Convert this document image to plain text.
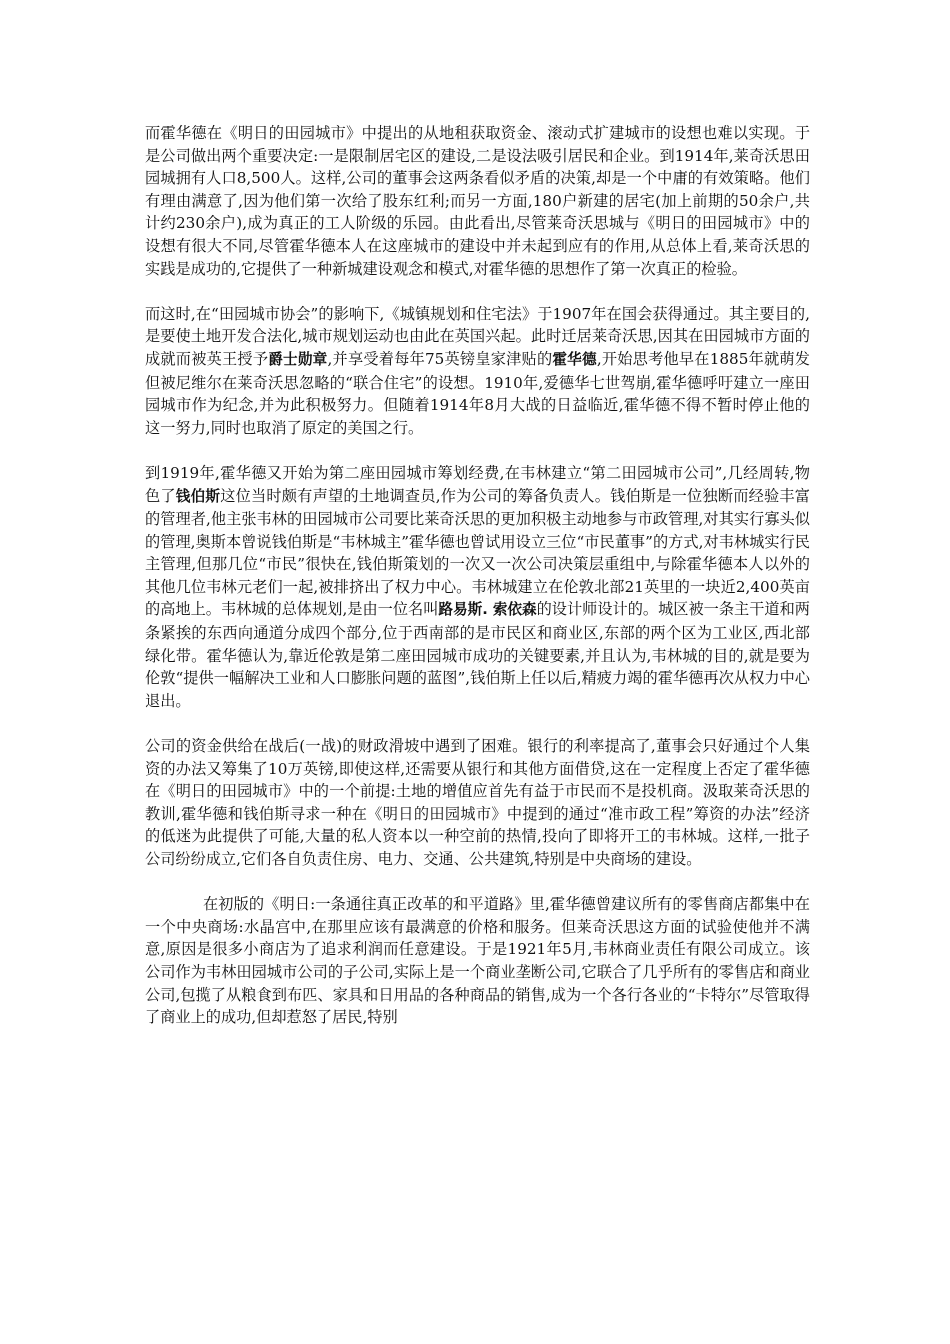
而霍华德在《明日的田园城市》中提出的从地租获取资金、滚动式扩建城市的设想也难以实现。于是公司做出两个重要决定:一是限制居宅区的建设,二是设法吸引居民和企业。到1914年,莱奇沃思田园城拥有人口8,500人。这样,公司的董事会这两条看似矛盾的决策,却是一个中庸的有效策略。他们有理由满意了,因为他们第一次给了股东红利;而另一方面,180户新建的居宅(加上前期的50余户,共计约230余户),成为真正的工人阶级的乐园。由此看出,尽管莱奇沃思城与《明日的田园城市》中的设想有很大不同,尽管霍华德本人在这座城市的建设中并未起到应有的作用,从总体上看,莱奇沃思的实践是成功的,它提供了一种新城建设观念和模式,对霍华德的思想作了第一次真正的检验。

而这时,在“田园城市协会”的影响下,《城镇规划和住宅法》于1907年在国会获得通过。其主要目的,是要使土地开发合法化,城市规划运动也由此在英国兴起。此时迁居莱奇沃思,因其在田园城市方面的成就而被英王授予爵士勋章,并享受着每年75英镑皇家津贴的霍华德,开始思考他早在1885年就萌发但被尼维尔在莱奇沃思忽略的“联合住宅”的设想。1910年,爱德华七世驾崩,霍华德呼吁建立一座田园城市作为纪念,并为此积极努力。但随着1914年8月大战的日益临近,霍华德不得不暂时停止他的这一努力,同时也取消了原定的美国之行。

到1919年,霍华德又开始为第二座田园城市筹划经费,在韦林建立“第二田园城市公司”,几经周转,物色了钱伯斯这位当时颇有声望的土地调查员,作为公司的筹备负责人。钱伯斯是一位独断而经验丰富的管理者,他主张韦林的田园城市公司要比莱奇沃思的更加积极主动地参与市政管理,对其实行寡头似的管理,奥斯本曾说钱伯斯是“韦林城主”霍华德也曾试用设立三位“市民董事”的方式,对韦林城实行民主管理,但那几位“市民”很快在,钱伯斯策划的一次又一次公司决策层重组中,与除霍华德本人以外的其他几位韦林元老们一起,被排挤出了权力中心。韦林城建立在伦敦北部21英里的一块近2,400英亩的高地上。韦林城的总体规划,是由一位名叫路易斯. 索依森的设计师设计的。城区被一条主干道和两条紧挨的东西向通道分成四个部分,位于西南部的是市民区和商业区,东部的两个区为工业区,西北部绿化带。霍华德认为,靠近伦敦是第二座田园城市成功的关键要素,并且认为,韦林城的目的,就是要为伦敦“提供一幅解决工业和人口膨胀问题的蓝图”,钱伯斯上任以后,精疲力竭的霍华德再次从权力中心退出。

公司的资金供给在战后(一战)的财政滑坡中遇到了困难。银行的利率提高了,董事会只好通过个人集资的办法又筹集了10万英镑,即使这样,还需要从银行和其他方面借贷,这在一定程度上否定了霍华德在《明日的田园城市》中的一个前提:土地的增值应首先有益于市民而不是投机商。汲取莱奇沃思的教训,霍华德和钱伯斯寻求一种在《明日的田园城市》中提到的通过“准市政工程”筹资的办法”经济的低迷为此提供了可能,大量的私人资本以一种空前的热情,投向了即将开工的韦林城。这样,一批子公司纷纷成立,它们各自负责住房、电力、交通、公共建筑,特别是中央商场的建设。

在初版的《明日:一条通往真正改革的和平道路》里,霍华德曾建议所有的零售商店都集中在一个中央商场:水晶宫中,在那里应该有最满意的价格和服务。但莱奇沃思这方面的试验使他并不满意,原因是很多小商店为了追求利润而任意建设。于是1921年5月,韦林商业责任有限公司成立。该公司作为韦林田园城市公司的子公司,实际上是一个商业垄断公司,它联合了几乎所有的零售店和商业公司,包揽了从粮食到布匹、家具和日用品的各种商品的销售,成为一个各行各业的“卡特尔”尽管取得了商业上的成功,但却惹怒了居民,特别
